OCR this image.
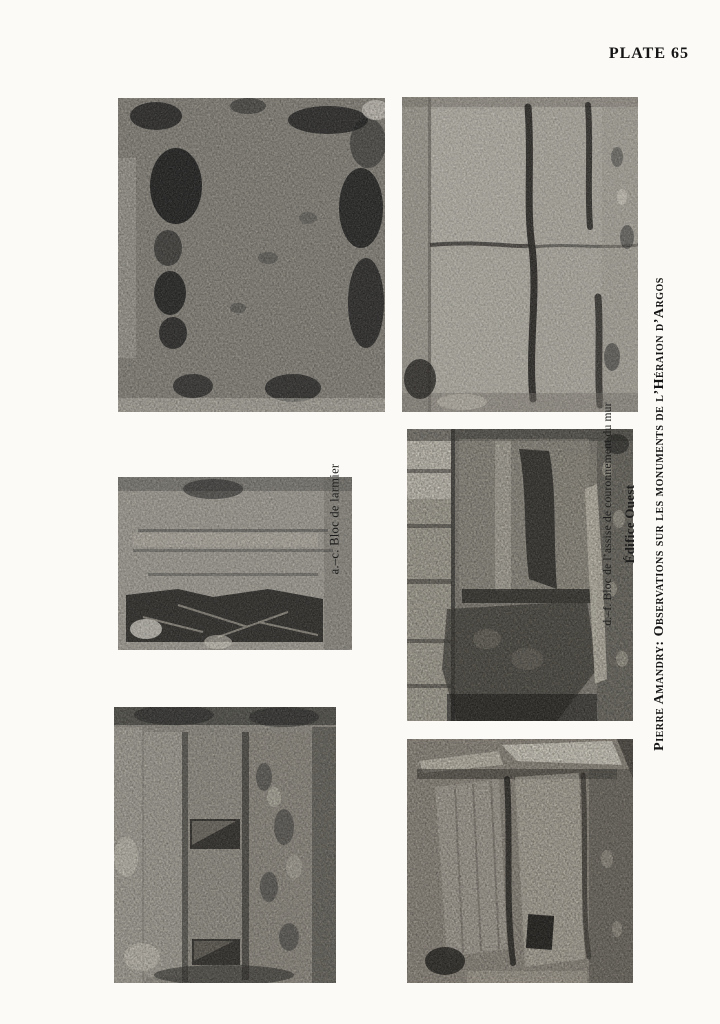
PLATE 65
a.–c. Bloc de larmier	d.–f. Bloc de l’assise de couronnement du mur Édifice Ouest Pierre Amandry: Observations sur les monuments de l’Héraion d’Argos
